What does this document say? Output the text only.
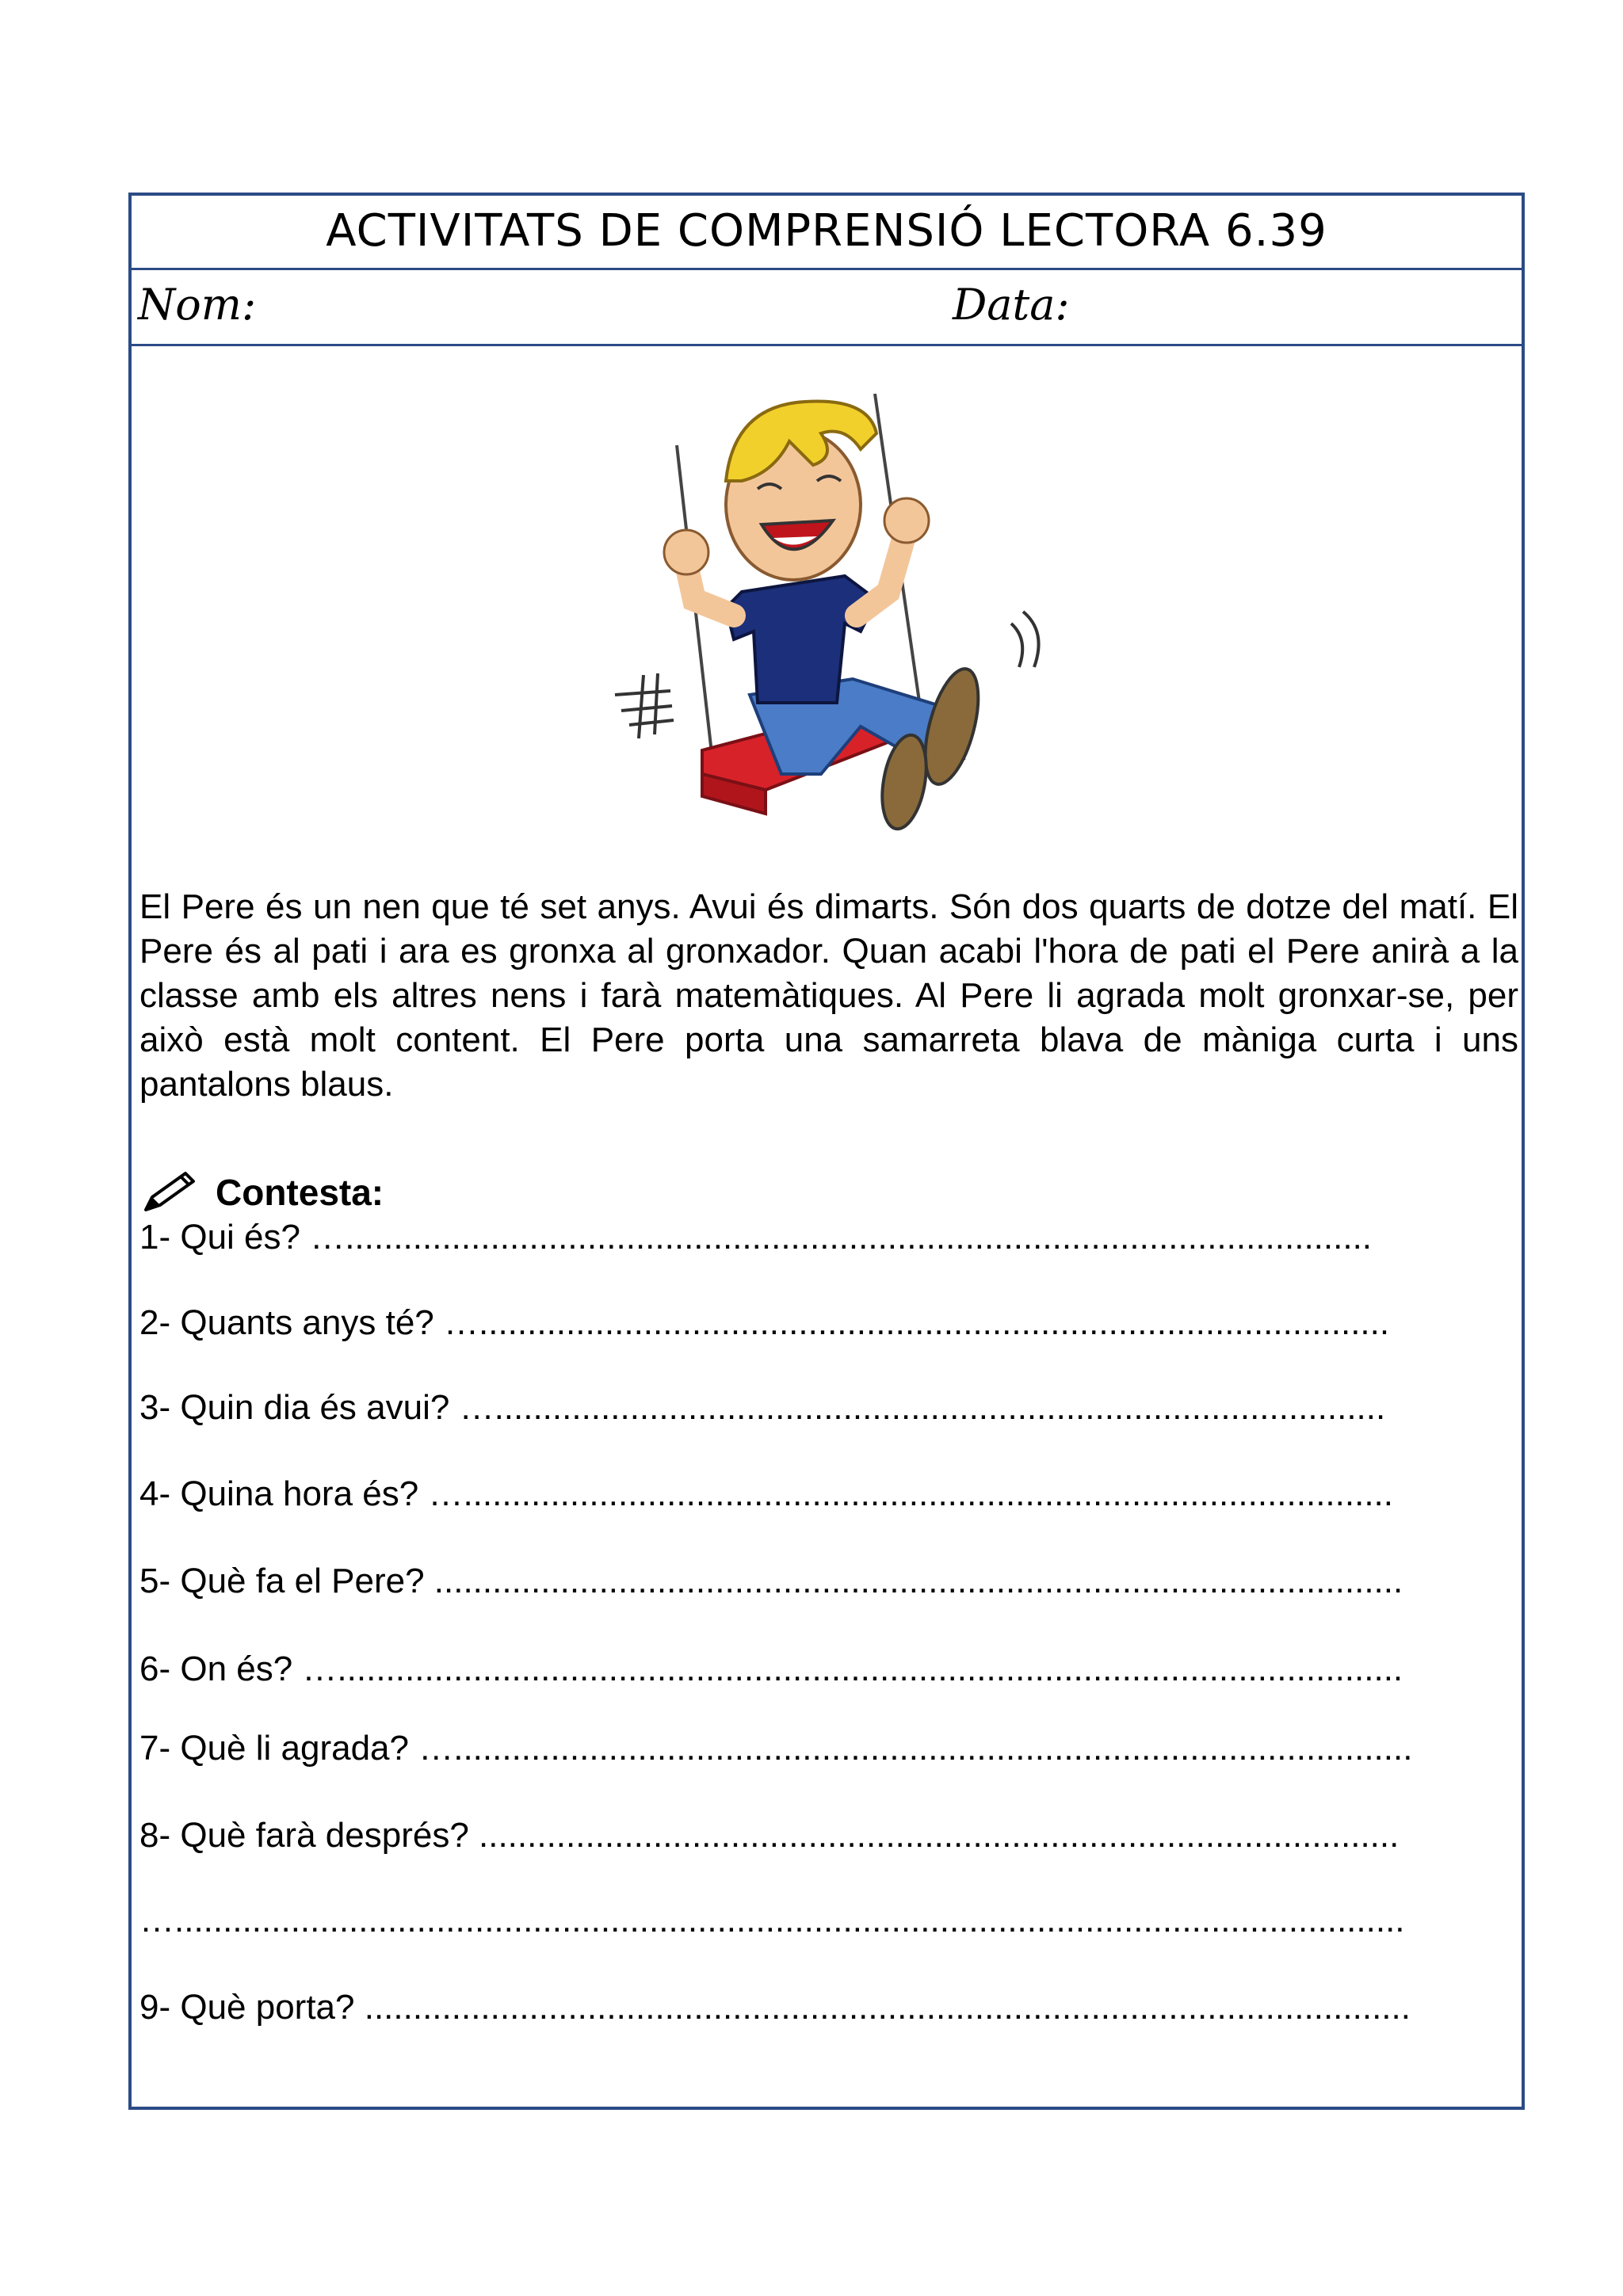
ACTIVITATS DE COMPRENSIÓ LECTORA 6.39
Nom:	Data:

El Pere és un nen que té set anys. Avui és dimarts. Són dos quarts de dotze del matí. El Pere és al pati i ara es gronxa al gronxador. Quan acabi l'hora de pati el Pere anirà a la classe amb els altres nens i farà matemàtiques. Al Pere li agrada molt gronxar-se, per això està molt content. El Pere porta una samarreta blava de màniga curta i uns pantalons blaus.

Contesta:
1- Qui és? …..........................................................................................................
2- Quants anys té? …..............................................................................................
3- Quin dia és avui? …............................................................................................
4- Quina hora és? …................................................................................................
5- Què fa el Pere? ....................................................................................................
6- On és? …..............................................................................................................
7- Què li agrada? …...................................................................................................
8- Què farà després? ...............................................................................................
…...............................................................................................................................
9- Què porta? ............................................................................................................
